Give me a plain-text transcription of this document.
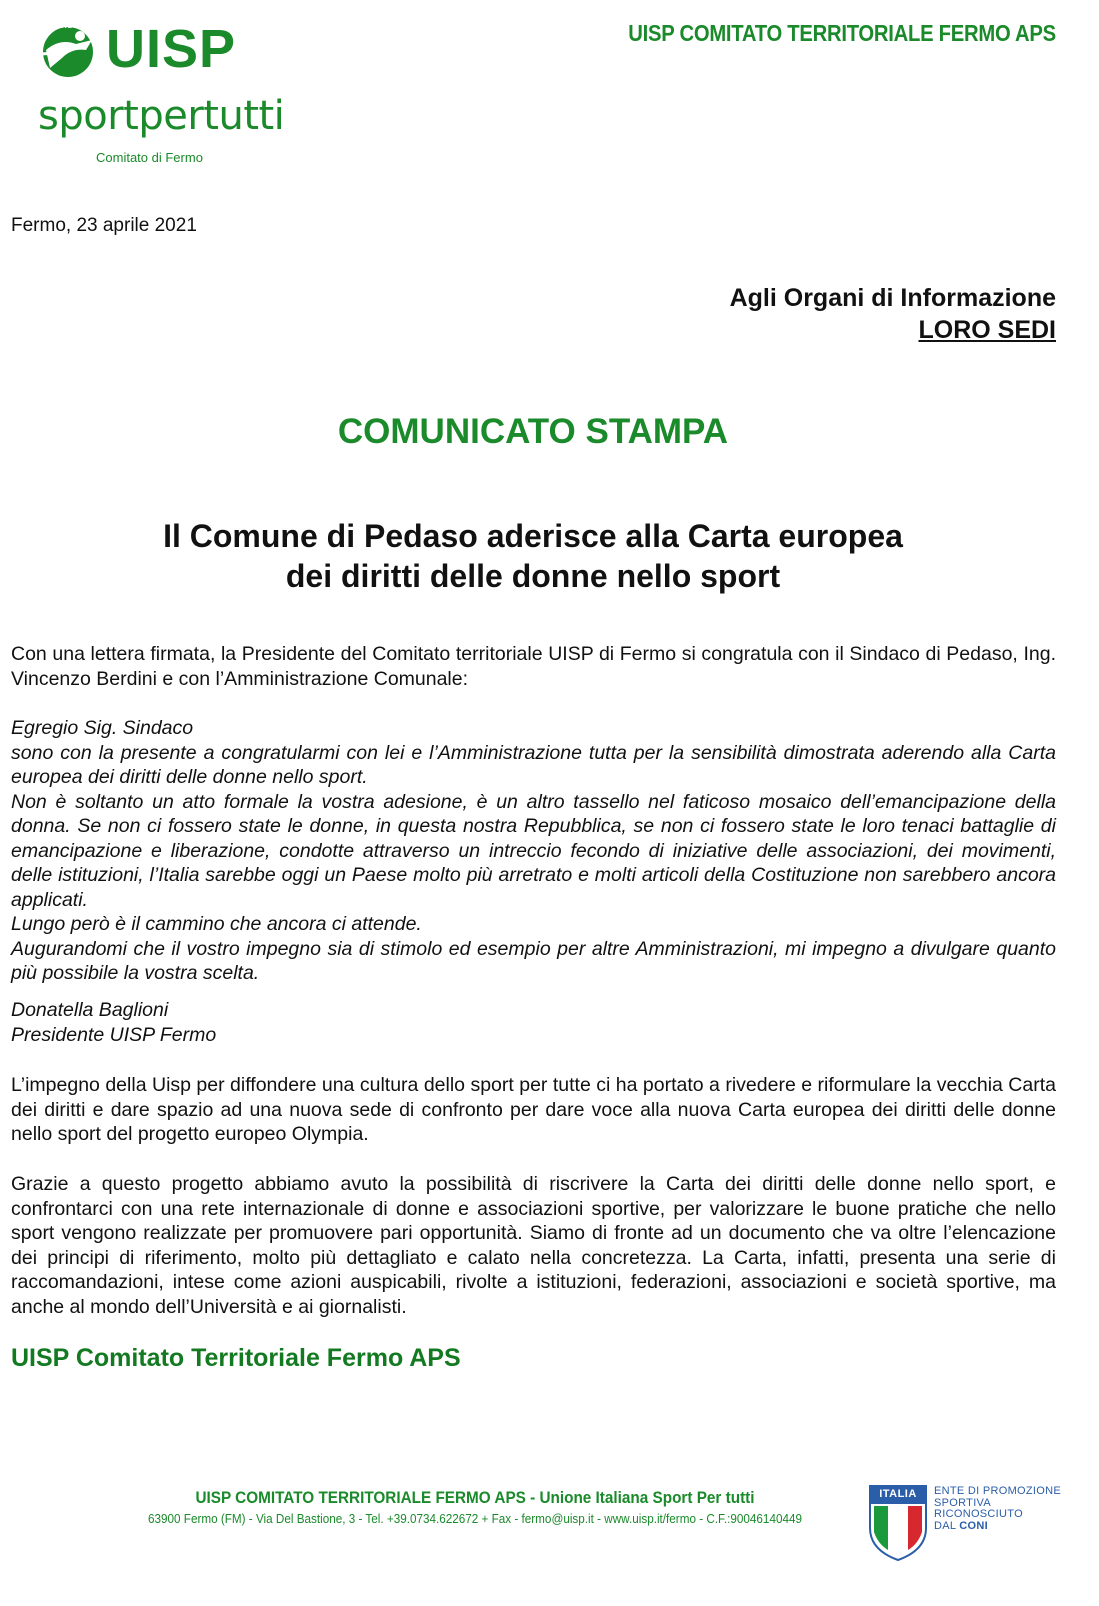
UISP UISP
sportpertutti
Comitato di Fermo
UISP COMITATO TERRITORIALE FERMO APS
Fermo, 23 aprile 2021
Agli Organi di Informazione
LORO SEDI
COMUNICATO STAMPA
Il Comune di Pedaso aderisce alla Carta europea
dei diritti delle donne nello sport

Con una lettera firmata, la Presidente del Comitato territoriale UISP di Fermo si congratula con il Sindaco di Pedaso, Ing. Vincenzo Berdini e con l’Amministrazione Comunale:

Egregio Sig. Sindaco

sono con la presente a congratularmi con lei e l’Amministrazione tutta per la sensibilità dimostrata aderendo alla Carta europea dei diritti delle donne nello sport.

Non è soltanto un atto formale la vostra adesione, è un altro tassello nel faticoso mosaico dell’emancipazione della donna. Se non ci fossero state le donne, in questa nostra Repubblica, se non ci fossero state le loro tenaci battaglie di emancipazione e liberazione, condotte attraverso un intreccio fecondo di iniziative delle associazioni, dei movimenti, delle istituzioni, l’Italia sarebbe oggi un Paese molto più arretrato e molti articoli della Costituzione non sarebbero ancora applicati.

Lungo però è il cammino che ancora ci attende.

Augurandomi che il vostro impegno sia di stimolo ed esempio per altre Amministrazioni, mi impegno a divulgare quanto più possibile la vostra scelta.

Donatella Baglioni

Presidente UISP Fermo

L’impegno della Uisp per diffondere una cultura dello sport per tutte ci ha portato a rivedere e riformulare la vecchia Carta dei diritti e dare spazio ad una nuova sede di confronto per dare voce alla nuova Carta europea dei diritti delle donne nello sport del progetto europeo Olympia.

Grazie a questo progetto abbiamo avuto la possibilità di riscrivere la Carta dei diritti delle donne nello sport, e confrontarci con una rete internazionale di donne e associazioni sportive, per valorizzare le buone pratiche che nello sport vengono realizzate per promuovere pari opportunità. Siamo di fronte ad un documento che va oltre l’elencazione dei principi di riferimento, molto più dettagliato e calato nella concretezza. La Carta, infatti, presenta una serie di raccomandazioni, intese come azioni auspicabili, rivolte a istituzioni, federazioni, associazioni e società sportive, ma anche al mondo dell’Università e ai giornalisti.

UISP Comitato Territoriale Fermo APS
UISP COMITATO TERRITORIALE FERMO APS - Unione Italiana Sport Per tutti
63900 Fermo (FM) - Via Del Bastione, 3 - Tel. +39.0734.622672 + Fax - fermo@uisp.it - www.uisp.it/fermo - C.F.:90046140449
ITALIA	ENTE DI PROMOZIONE
SPORTIVA
RICONOSCIUTO
DAL CONI
